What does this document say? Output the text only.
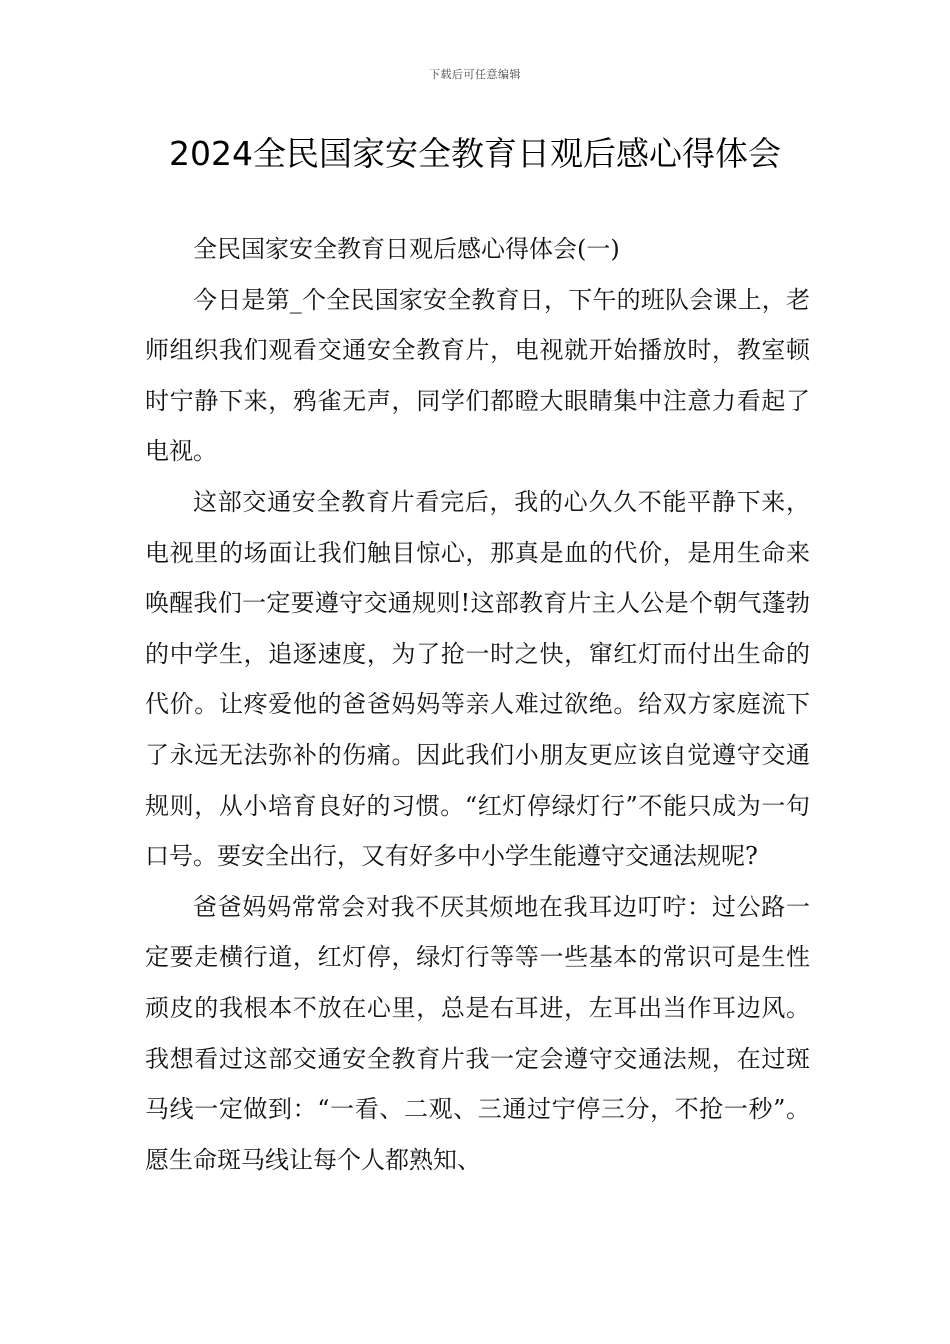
下载后可任意编辑
2024全民国家安全教育日观后感心得体会

全民国家安全教育日观后感心得体会(一)

今日是第_个全民国家安全教育日，下午的班队会课上，老师组织我们观看交通安全教育片，电视就开始播放时，教室顿时宁静下来，鸦雀无声，同学们都瞪大眼睛集中注意力看起了电视。

这部交通安全教育片看完后，我的心久久不能平静下来，电视里的场面让我们触目惊心，那真是血的代价，是用生命来唤醒我们一定要遵守交通规则!这部教育片主人公是个朝气蓬勃的中学生，追逐速度，为了抢一时之快，窜红灯而付出生命的代价。让疼爱他的爸爸妈妈等亲人难过欲绝。给双方家庭流下了永远无法弥补的伤痛。因此我们小朋友更应该自觉遵守交通规则，从小培育良好的习惯。“红灯停绿灯行”不能只成为一句口号。要安全出行，又有好多中小学生能遵守交通法规呢?

爸爸妈妈常常会对我不厌其烦地在我耳边叮咛：过公路一定要走横行道，红灯停，绿灯行等等一些基本的常识可是生性顽皮的我根本不放在心里，总是右耳进，左耳出当作耳边风。我想看过这部交通安全教育片我一定会遵守交通法规，在过斑马线一定做到：“一看、二观、三通过宁停三分，不抢一秒”。愿生命斑马线让每个人都熟知、
